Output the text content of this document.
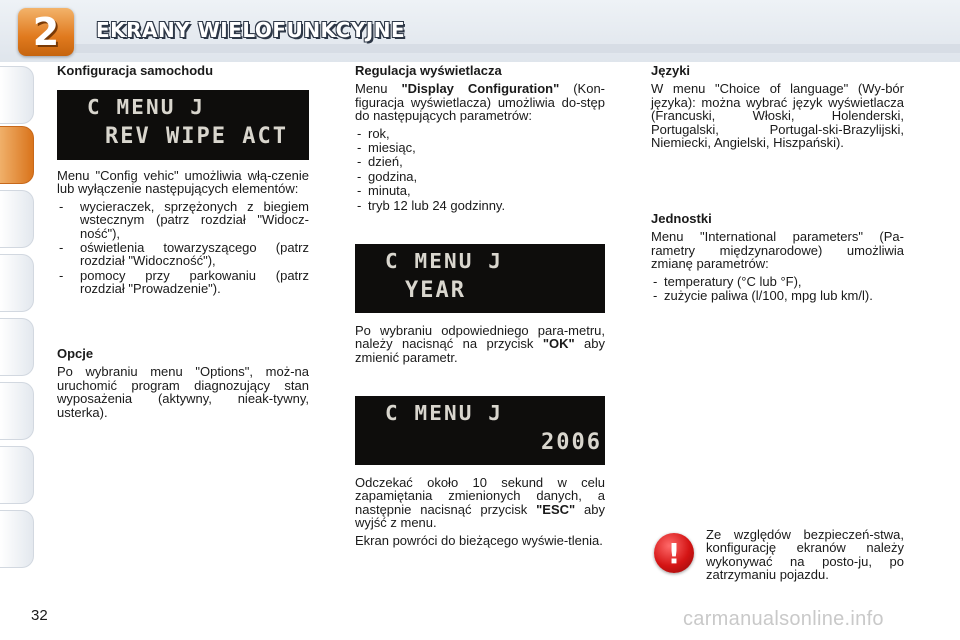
2	EKRANY WIELOFUNKCYJNE
Konfiguracja samochodu
C MENU J
REV WIPE ACT

Menu "Config vehic" umożliwia włą-czenie lub wyłączenie następujących elementów:

- wycieraczek, sprzężonych z biegiem wstecznym (patrz rozdział "Widocz-ność"),
- oświetlenia towarzyszącego (patrz rozdział "Widoczność"),
- pomocy przy parkowaniu (patrz rozdział "Prowadzenie").
Opcje

Po wybraniu menu "Options", moż-na uruchomić program diagnozujący stan wyposażenia (aktywny, nieak-tywny, usterka).

Regulacja wyświetlacza

Menu "Display Configuration" (Kon-figuracja wyświetlacza) umożliwia do-stęp do następujących parametrów:

- rok,
- miesiąc,
- dzień,
- godzina,
- minuta,
- tryb 12 lub 24 godzinny.
C MENU J
YEAR

Po wybraniu odpowiedniego para-metru, należy nacisnąć na przycisk "OK" aby zmienić parametr.

C MENU J
2006

Odczekać około 10 sekund w celu zapamiętania zmienionych danych, a następnie nacisnąć przycisk "ESC" aby wyjść z menu.

Ekran powróci do bieżącego wyświe-tlenia.

Języki

W menu "Choice of language" (Wy-bór języka): można wybrać język wyświetlacza (Francuski, Włoski, Holenderski, Portugalski, Portugal-ski-Brazylijski, Niemiecki, Angielski, Hiszpański).

Jednostki

Menu "International parameters" (Pa-rametry międzynarodowe) umożliwia zmianę parametrów:

- temperatury (°C lub °F),
- zużycie paliwa (l/100, mpg lub km/l).
!
Ze względów bezpieczeń-stwa, konfigurację ekranów należy wykonywać na posto-ju, po zatrzymaniu pojazdu.
32	carmanualsonline.info
